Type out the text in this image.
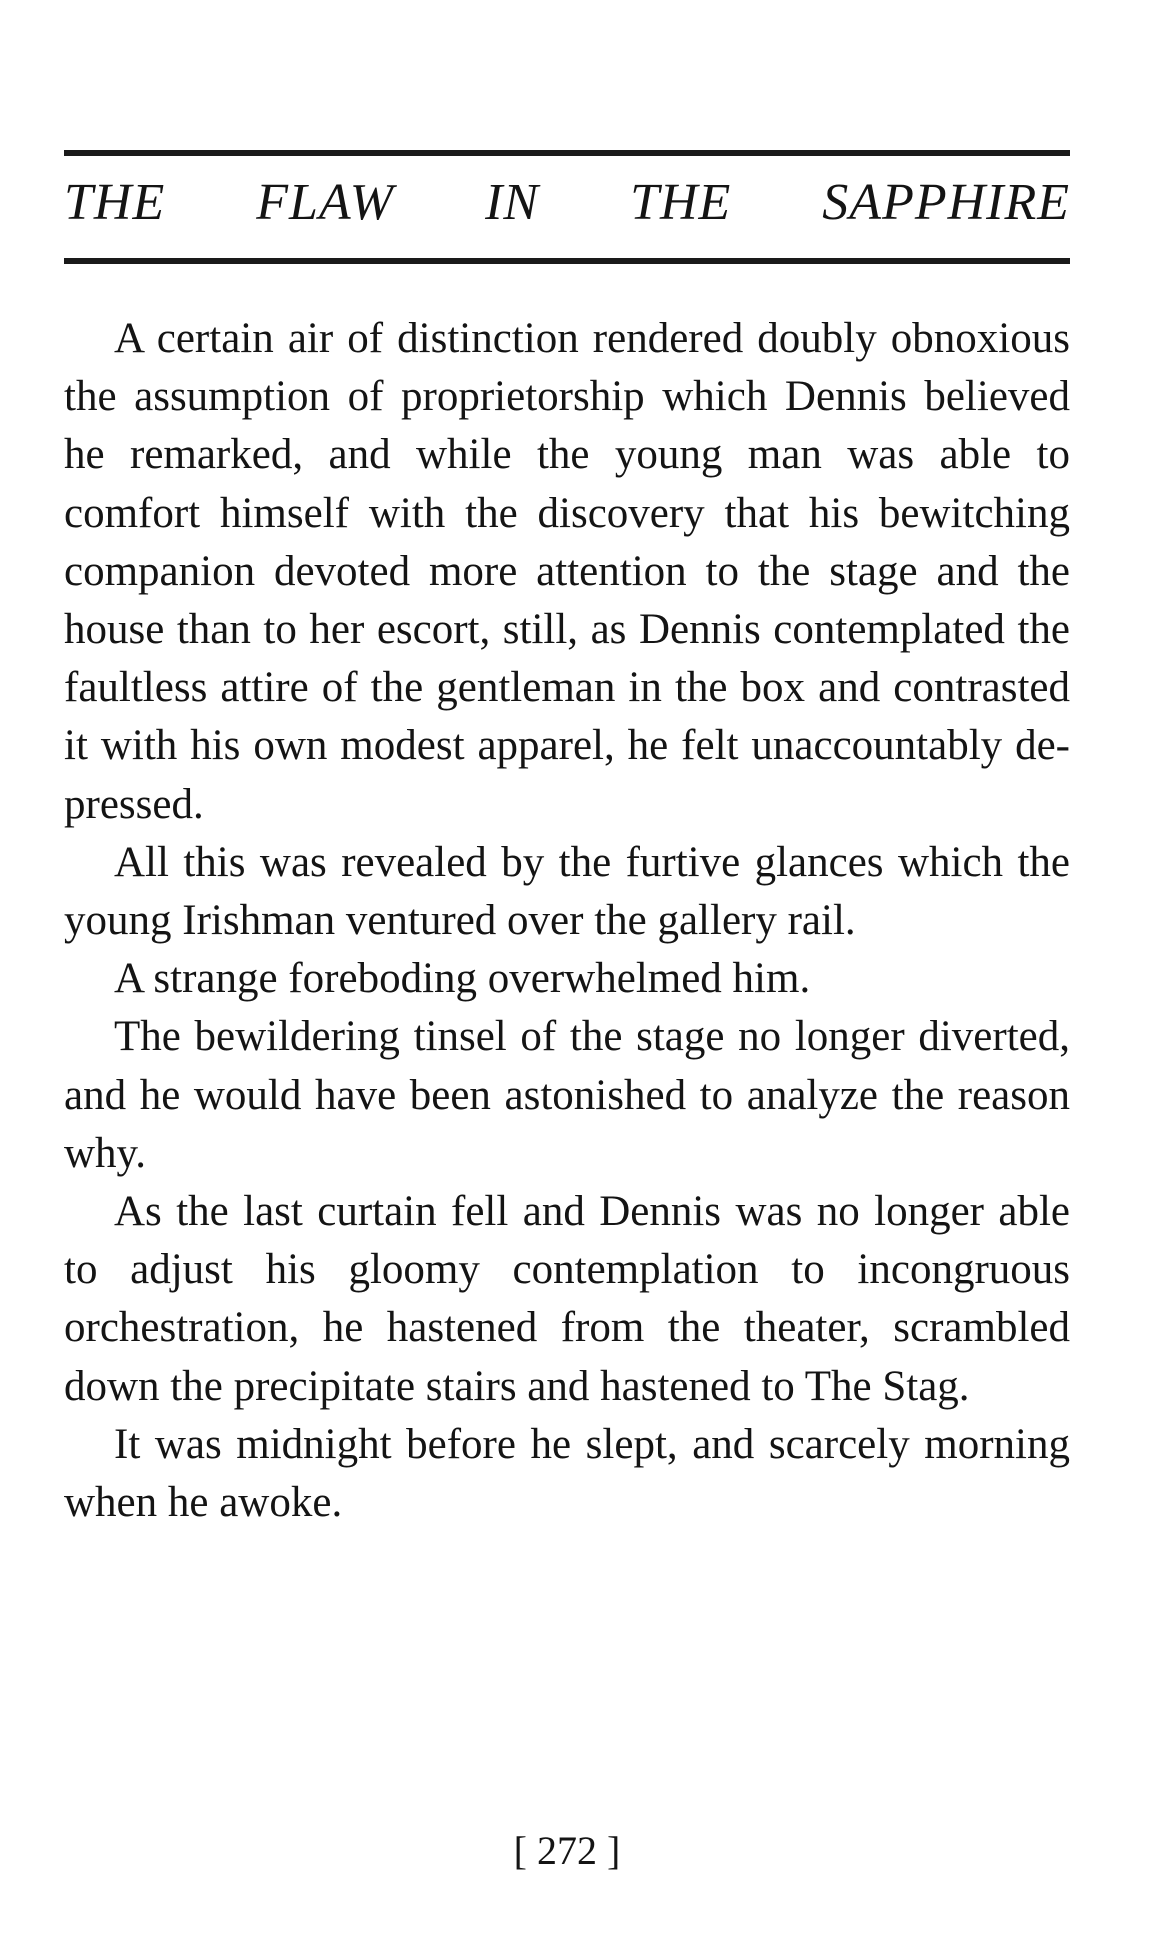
THE FLAW IN THE SAPPHIRE

A certain air of distinction rendered doubly obnoxious the assumption of proprietorship which Dennis believed he remarked, and while the young man was able to comfort himself with the discovery that his bewitching companion devoted more attention to the stage and the house than to her escort, still, as Dennis contemplated the faultless attire of the gentleman in the box and contrasted it with his own modest apparel, he felt unaccountably depressed.

All this was revealed by the furtive glances which the young Irishman ventured over the gallery rail.

A strange foreboding overwhelmed him.

The bewildering tinsel of the stage no longer diverted, and he would have been astonished to analyze the reason why.

As the last curtain fell and Dennis was no longer able to adjust his gloomy contemplation to incongruous orchestration, he hastened from the theater, scrambled down the precipitate stairs and hastened to The Stag.

It was midnight before he slept, and scarcely morning when he awoke.

[ 272 ]
